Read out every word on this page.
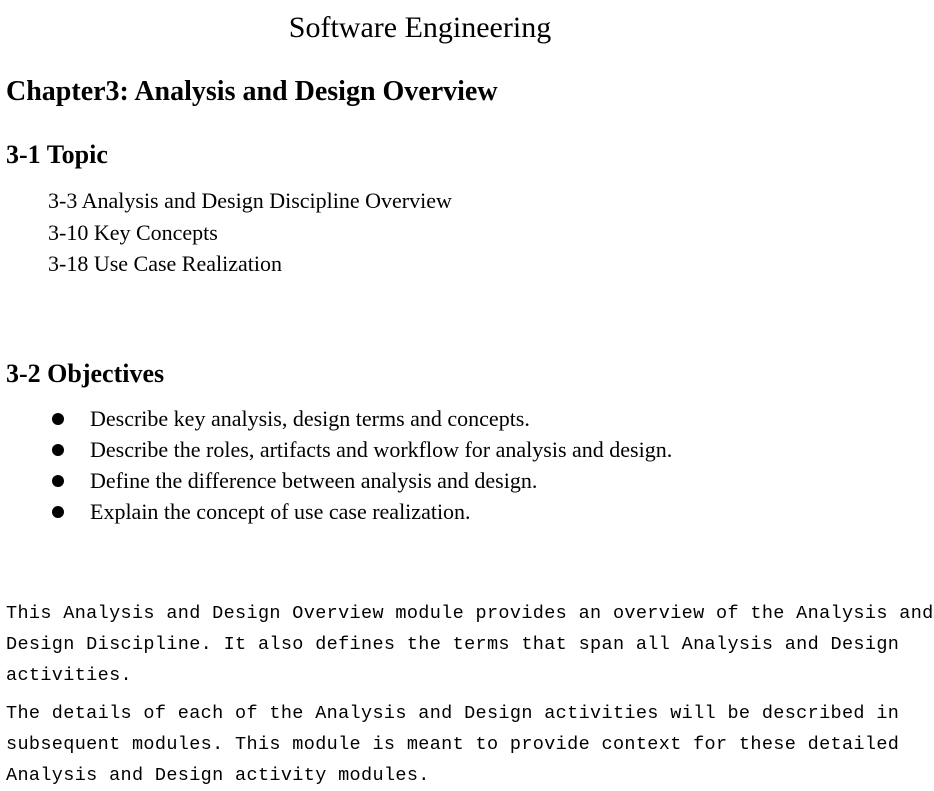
Software Engineering
Chapter3: Analysis and Design Overview
3-1 Topic
3-3 Analysis and Design Discipline Overview
3-10 Key Concepts
3-18 Use Case Realization
3-2 Objectives
Describe key analysis, design terms and concepts.
Describe the roles, artifacts and workflow for analysis and design.
Define the difference between analysis and design.
Explain the concept of use case realization.

This Analysis and Design Overview module provides an overview of the Analysis and
Design Discipline. It also defines the terms that span all Analysis and Design
activities.

The details of each of the Analysis and Design activities will be described in
subsequent modules. This module is meant to provide context for these detailed
Analysis and Design activity modules.
